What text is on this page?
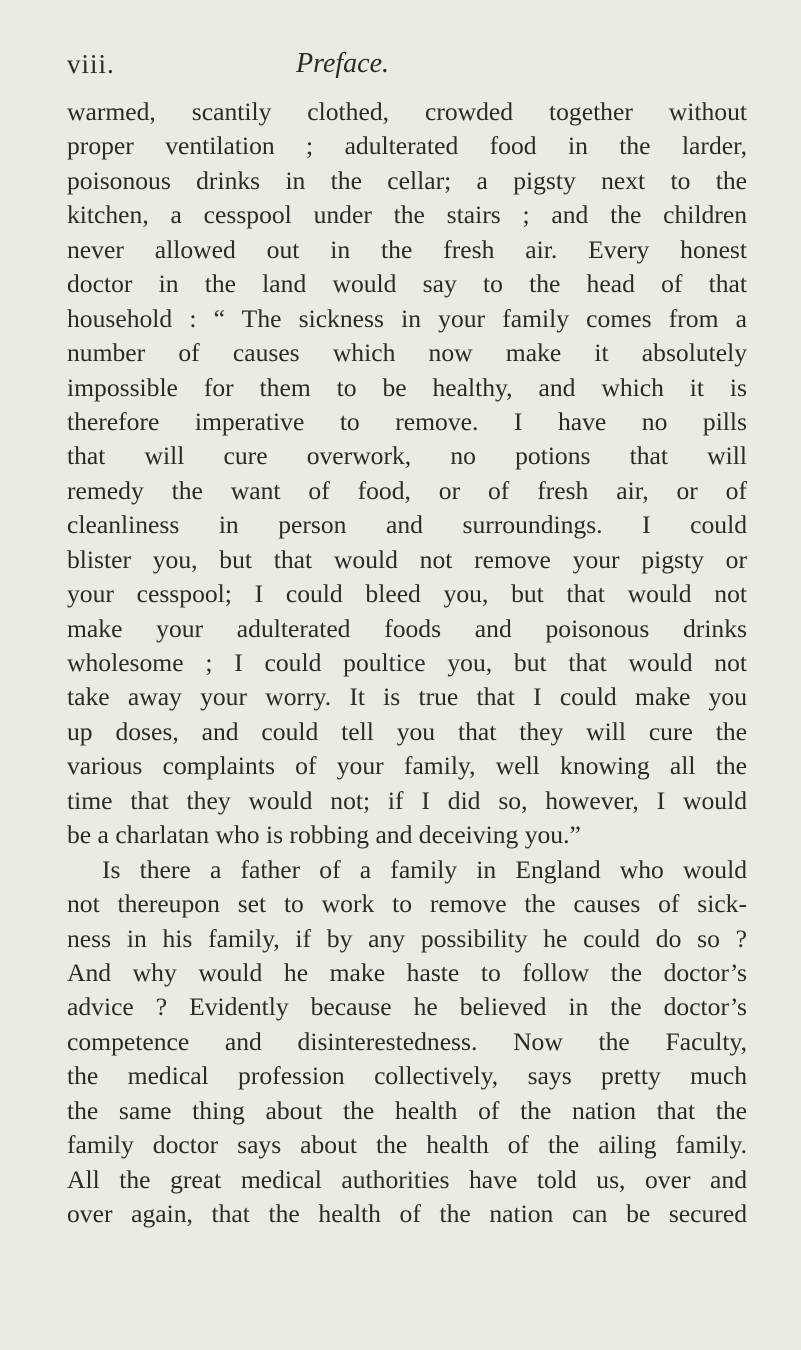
viii.	Preface.
warmed, scantily clothed, crowded together without
proper ventilation ; adulterated food in the larder,
poisonous drinks in the cellar; a pigsty next to the
kitchen, a cesspool under the stairs ; and the children
never allowed out in the fresh air. Every honest
doctor in the land would say to the head of that
household : “ The sickness in your family comes from a
number of causes which now make it absolutely
impossible for them to be healthy, and which it is
therefore imperative to remove. I have no pills
that will cure overwork, no potions that will
remedy the want of food, or of fresh air, or of
cleanliness in person and surroundings. I could
blister you, but that would not remove your pigsty or
your cesspool; I could bleed you, but that would not
make your adulterated foods and poisonous drinks
wholesome ; I could poultice you, but that would not
take away your worry. It is true that I could make you
up doses, and could tell you that they will cure the
various complaints of your family, well knowing all the
time that they would not; if I did so, however, I would
be a charlatan who is robbing and deceiving you.”
Is there a father of a family in England who would
not thereupon set to work to remove the causes of sick-
ness in his family, if by any possibility he could do so ?
And why would he make haste to follow the doctor’s
advice ? Evidently because he believed in the doctor’s
competence and disinterestedness. Now the Faculty,
the medical profession collectively, says pretty much
the same thing about the health of the nation that the
family doctor says about the health of the ailing family.
All the great medical authorities have told us, over and
over again, that the health of the nation can be secured
